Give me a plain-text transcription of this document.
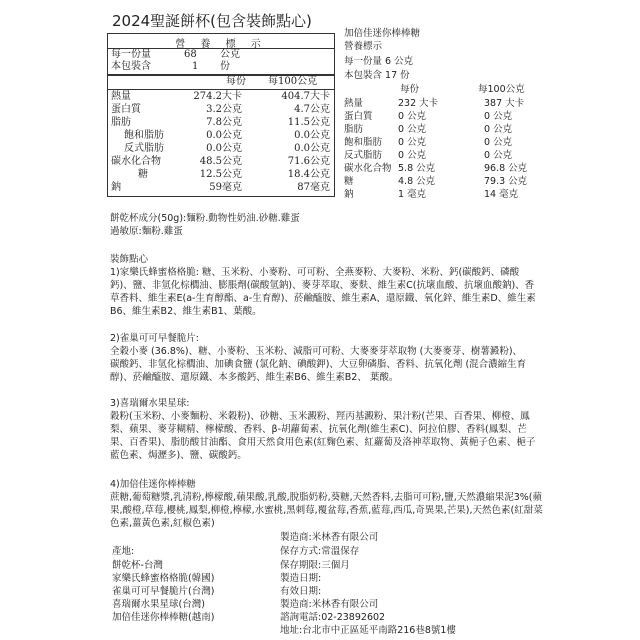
2024聖誕餅杯(包含裝飾點心)
營 養 標 示
每一份量	68 公克
本包裝含	1 份
每份 每100公克
熱量	274.2大卡	404.7大卡
蛋白質	3.2公克	4.7公克
脂肪	7.8公克	11.5公克
飽和脂肪	0.0公克	0.0公克
反式脂肪	0.0公克	0.0公克
碳水化合物	48.5公克	71.6公克
糖	12.5公克	18.4公克
鈉	59毫克	87毫克
加倍佳迷你棒棒糖
營養標示
每一份量 6 公克
本包裝含 17 份
每份	每100公克
熱量	232 大卡	387 大卡
蛋白質	0 公克	0 公克
脂肪	0 公克	0 公克
飽和脂肪 0 公克	0 公克
反式脂肪 0 公克	0 公克
碳水化合物 5.8 公克	96.8 公克
糖	4.8 公克	79.3 公克
鈉	1 毫克	14 毫克
餅乾杯成分(50g):麵粉.動物性奶油.砂糖.雞蛋
過敏原:麵粉.雞蛋
裝飾點心
1)家樂氏蜂蜜格格脆: 糖、玉米粉、小麥粉、可可粉、全燕麥粉、大麥粉、米粉、鈣(碳酸鈣、磷酸
鈣)、鹽、非氫化棕櫚油、膨脹劑(碳酸氫鈉)、麥芽萃取、麥麩、維生素C(抗壞血酸、抗壞血酸鈉)、香
草香料、維生素E(a-生育醇酯、a-生育醇)、菸鹼醯胺、維生素A、還原鐵、氧化鋅、維生素D、維生素
B6、維生素B2、維生素B1、葉酸。
2)雀巢可可早餐脆片:
全穀小麥 (36.8%)、糖、小麥粉、玉米粉、減脂可可粉、大麥麥芽萃取物 (大麥麥芽、樹薯澱粉)、
碳酸鈣、非氫化棕櫚油、加碘食鹽 (氯化鈉、碘酸鉀)、大豆卵磷脂、香料、抗氧化劑 (混合濃縮生育
醇)、菸鹼醯胺、還原鐵、本多酸鈣、維生素B6、維生素B2、 葉酸。
3)喜瑞爾水果星球:
穀粉(玉米粉、小麥麵粉、米穀粉)、砂糖、玉米澱粉、羥丙基澱粉、果汁粉(芒果、百香果、柳橙、鳳
梨、蘋果、麥芽糊精、檸檬酸、香料、β-胡蘿蔔素、抗氧化劑(維生素C)、阿拉伯膠、香料(鳳梨、芒
果、百香果)、脂肪酸甘油酯、食用天然食用色素(紅麴色素、紅蘿蔔及洛神萃取物、黃梔子色素、梔子
藍色素、焗瀝多)、鹽、碳酸鈣。
4)加倍佳迷你棒棒糖
蔗糖,葡萄糖漿,乳清粉,檸檬酸,蘋果酸,乳酸,脫脂奶粉,葵糖,天然香料,去脂可可粉,鹽,天然濃縮果泥3%(蘋
果,酸橙,草莓,櫻桃,鳳梨,柳橙,檸檬,水蜜桃,黑刺莓,覆盆莓,香蕉,藍莓,西瓜,奇異果,芒果),天然色素(紅甜菜
色素,薑黃色素,紅椒色素)
製造商:米林香有限公司
產地:	保存方式:常溫保存
餅乾杯-台灣	保存期限:三個月
家樂氏蜂蜜格格脆(韓國)	製造日期:
雀巢可可早餐脆片(台灣)	有效日期:
喜瑞爾水果星球(台灣)	製造商:米林香有限公司
加倍佳迷你棒棒糖(越南)	諮詢電話:02-23892602
地址:台北市中正區延平南路216巷8號1樓
